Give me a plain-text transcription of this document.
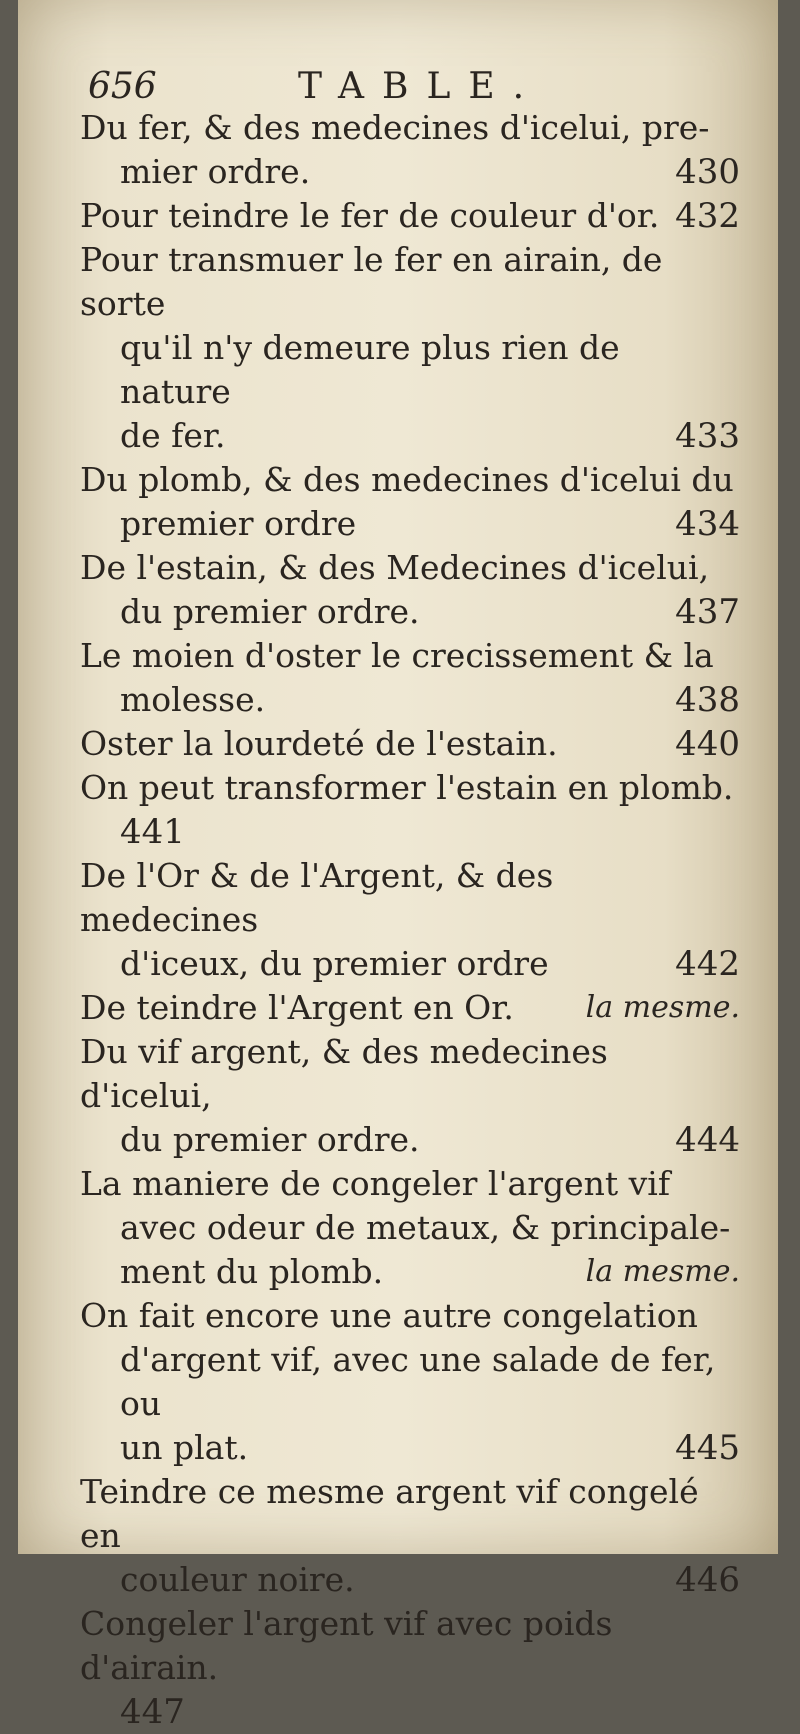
656	TABLE.
Du fer, & des medecines d'icelui, pre-
mier ordre.	430
Pour teindre le fer de couleur d'or. 432
Pour transmuer le fer en airain, de sorte
qu'il n'y demeure plus rien de nature
de fer.	433
Du plomb, & des medecines d'icelui du
premier ordre	434
De l'estain, & des Medecines d'icelui,
du premier ordre.	437
Le moien d'oster le crecissement & la
molesse.	438
Oster la lourdeté de l'estain.	440
On peut transformer l'estain en plomb.
441
De l'Or & de l'Argent, & des medecines
d'iceux, du premier ordre	442
De teindre l'Argent en Or.	la mesme.
Du vif argent, & des medecines d'icelui,
du premier ordre.	444
La maniere de congeler l'argent vif
avec odeur de metaux, & principale-
ment du plomb.	la mesme.
On fait encore une autre congelation
d'argent vif, avec une salade de fer, ou
un plat.	445
Teindre ce mesme argent vif congelé en
couleur noire.	446
Congeler l'argent vif avec poids d'airain.
447
